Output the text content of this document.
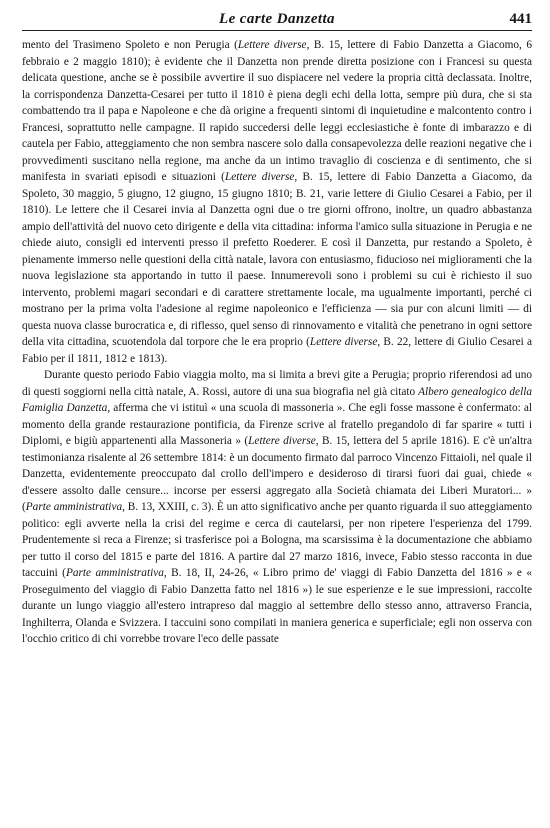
Le carte Danzetta	441

mento del Trasimeno Spoleto e non Perugia (Lettere diverse, B. 15, lettere di Fabio Danzetta a Giacomo, 6 febbraio e 2 maggio 1810); è evidente che il Danzetta non prende diretta posizione con i Francesi su questa delicata questione, anche se è possibile avvertire il suo dispiacere nel vedere la propria città declassata. Inoltre, la corrispondenza Danzetta-Cesarei per tutto il 1810 è piena degli echi della lotta, sempre più dura, che si sta combattendo tra il papa e Napoleone e che dà origine a frequenti sintomi di inquietudine e malcontento contro i Francesi, soprattutto nelle campagne. Il rapido succedersi delle leggi ecclesiastiche è fonte di imbarazzo e di cautela per Fabio, atteggiamento che non sembra nascere solo dalla consapevolezza delle reazioni negative che i provvedimenti suscitano nella regione, ma anche da un intimo travaglio di coscienza e di sentimento, che si manifesta in svariati episodi e situazioni (Lettere diverse, B. 15, lettere di Fabio Danzetta a Giacomo, da Spoleto, 30 maggio, 5 giugno, 12 giugno, 15 giugno 1810; B. 21, varie lettere di Giulio Cesarei a Fabio, per il 1810). Le lettere che il Cesarei invia al Danzetta ogni due o tre giorni offrono, inoltre, un quadro abbastanza ampio dell'attività del nuovo ceto dirigente e della vita cittadina: informa l'amico sulla situazione in Perugia e ne chiede aiuto, consigli ed interventi presso il prefetto Roederer. E così il Danzetta, pur restando a Spoleto, è pienamente immerso nelle questioni della città natale, lavora con entusiasmo, fiducioso nei miglioramenti che la nuova legislazione sta apportando in tutto il paese. Innumerevoli sono i problemi su cui è richiesto il suo intervento, problemi magari secondari e di carattere strettamente locale, ma ugualmente importanti, perché ci mostrano per la prima volta l'adesione al regime napoleonico e l'efficienza — sia pur con alcuni limiti — di questa nuova classe burocratica e, di riflesso, quel senso di rinnovamento e vitalità che penetrano in ogni settore della vita cittadina, scuotendola dal torpore che le era proprio (Lettere diverse, B. 22, lettere di Giulio Cesarei a Fabio per il 1811, 1812 e 1813).

Durante questo periodo Fabio viaggia molto, ma si limita a brevi gite a Perugia; proprio riferendosi ad uno di questi soggiorni nella città natale, A. Rossi, autore di una sua biografia nel già citato Albero genealogico della Famiglia Danzetta, afferma che vi istituì « una scuola di massoneria ». Che egli fosse massone è confermato: al momento della grande restaurazione pontificia, da Firenze scrive al fratello pregandolo di far sparire « tutti i Diplomi, e bigiù appartenenti alla Massoneria » (Lettere diverse, B. 15, lettera del 5 aprile 1816). E c'è un'altra testimonianza risalente al 26 settembre 1814: è un documento firmato dal parroco Vincenzo Fittaioli, nel quale il Danzetta, evidentemente preoccupato dal crollo dell'impero e desideroso di tirarsi fuori dai guai, chiede « d'essere assolto dalle censure... incorse per essersi aggregato alla Società chiamata dei Liberi Muratori... » (Parte amministrativa, B. 13, XXIII, c. 3). È un atto significativo anche per quanto riguarda il suo atteggiamento politico: egli avverte nella la crisi del regime e cerca di cautelarsi, per non ripetere l'esperienza del 1799. Prudentemente si reca a Firenze; si trasferisce poi a Bologna, ma scarsissima è la documentazione che abbiamo per tutto il corso del 1815 e parte del 1816. A partire dal 27 marzo 1816, invece, Fabio stesso racconta in due taccuini (Parte amministrativa, B. 18, II, 24-26, « Libro primo de' viaggi di Fabio Danzetta del 1816 » e « Proseguimento del viaggio di Fabio Danzetta fatto nel 1816 ») le sue esperienze e le sue impressioni, raccolte durante un lungo viaggio all'estero intrapreso dal maggio al settembre dello stesso anno, attraverso Francia, Inghilterra, Olanda e Svizzera. I taccuini sono compilati in maniera generica e superficiale; egli non osserva con l'occhio critico di chi vorrebbe trovare l'eco delle passate
